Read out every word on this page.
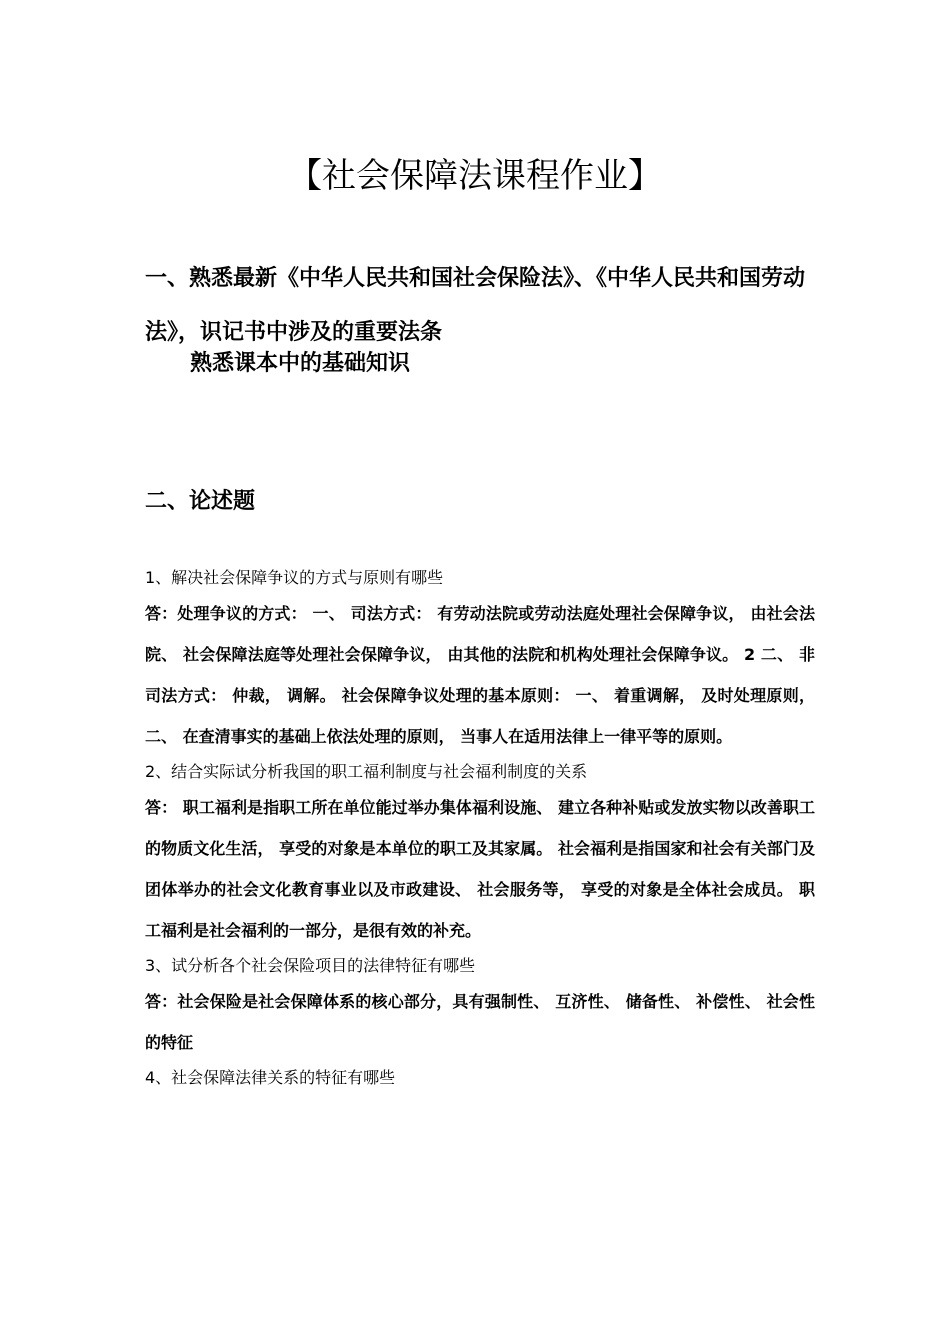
【社会保障法课程作业】

一、熟悉最新《中华人民共和国社会保险法》、《中华人民共和国劳动法》，识记书中涉及的重要法条

熟悉课本中的基础知识

二、论述题

1、解决社会保障争议的方式与原则有哪些

答：处理争议的方式： 一、 司法方式： 有劳动法院或劳动法庭处理社会保障争议， 由社会法院、 社会保障法庭等处理社会保障争议， 由其他的法院和机构处理社会保障争议。 2 二、 非司法方式： 仲裁， 调解。 社会保障争议处理的基本原则： 一、 着重调解， 及时处理原则， 二、 在查清事实的基础上依法处理的原则， 当事人在适用法律上一律平等的原则。

2、结合实际试分析我国的职工福利制度与社会福利制度的关系

答： 职工福利是指职工所在单位能过举办集体福利设施、 建立各种补贴或发放实物以改善职工的物质文化生活， 享受的对象是本单位的职工及其家属。 社会福利是指国家和社会有关部门及团体举办的社会文化教育事业以及市政建设、 社会服务等， 享受的对象是全体社会成员。 职工福利是社会福利的一部分，是很有效的补充。

3、试分析各个社会保险项目的法律特征有哪些

答：社会保险是社会保障体系的核心部分，具有强制性、 互济性、 储备性、 补偿性、 社会性的特征

4、社会保障法律关系的特征有哪些
